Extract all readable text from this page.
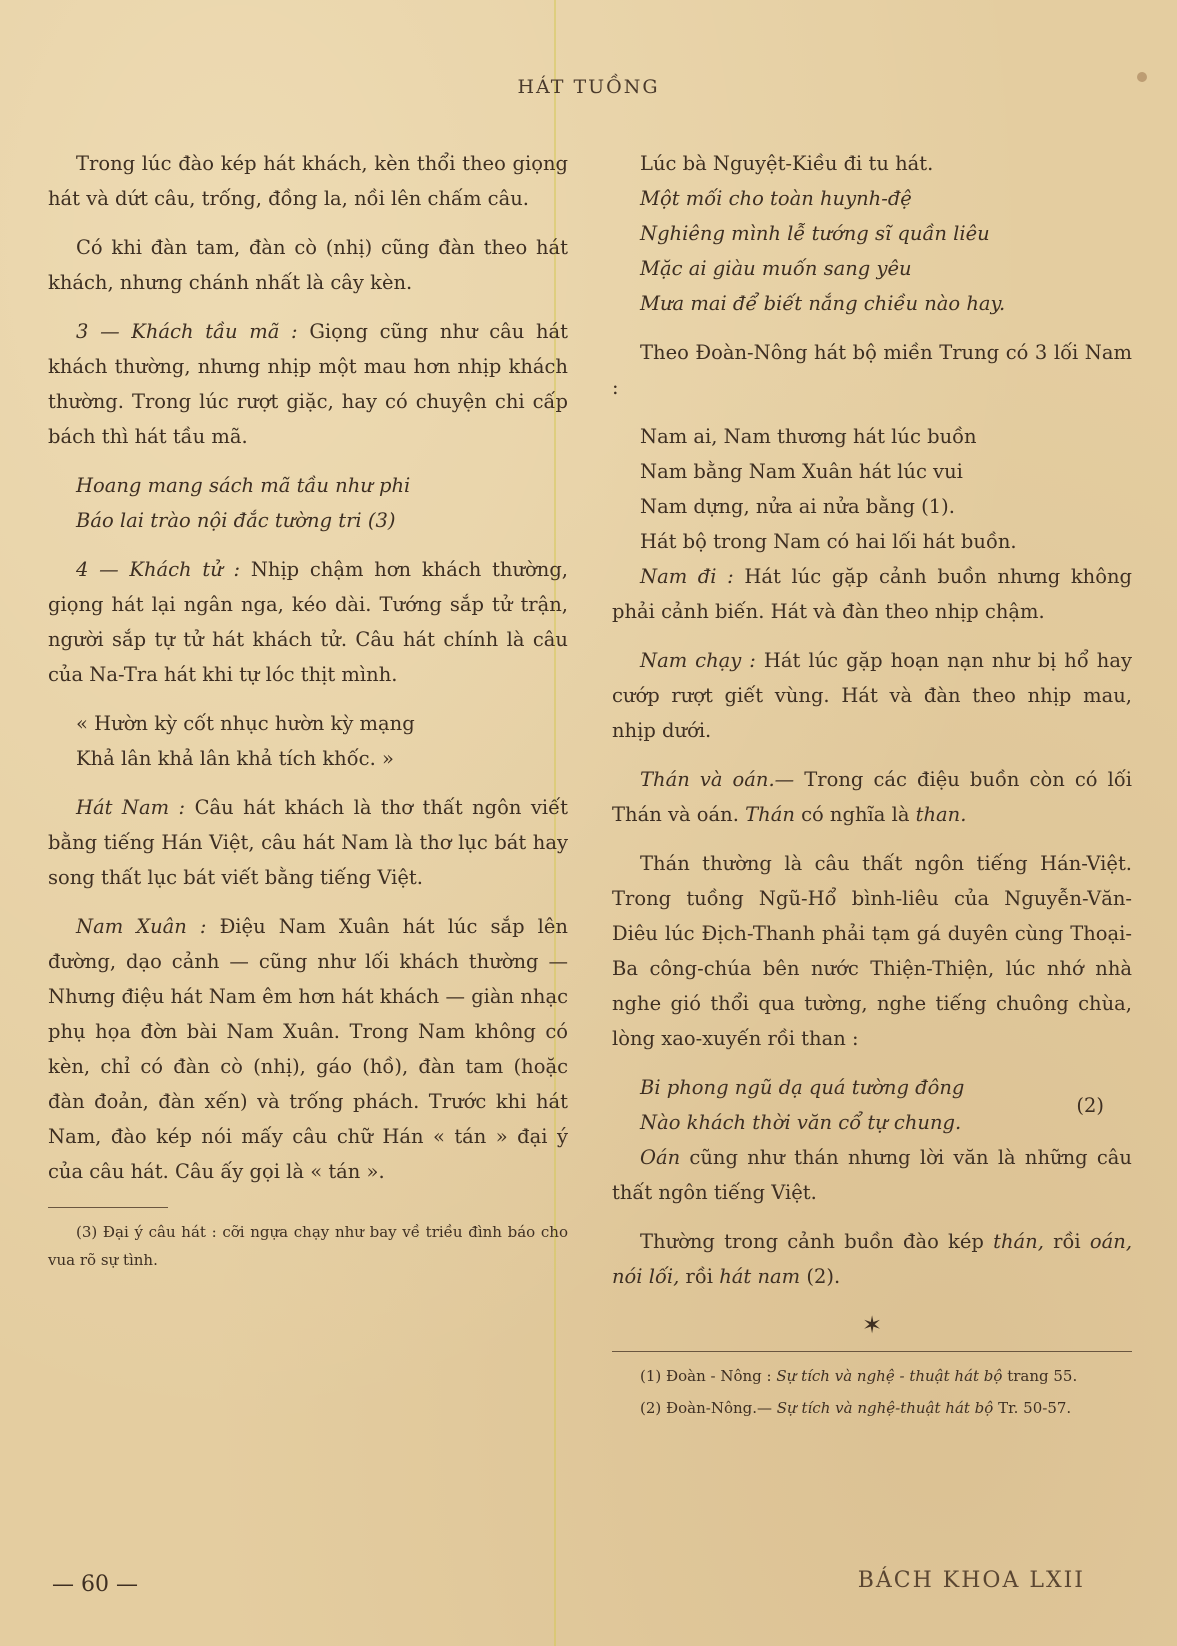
HÁT TUỒNG

Trong lúc đào kép hát khách, kèn thổi theo giọng hát và dứt câu, trống, đồng la, nồi lên chấm câu.

Có khi đàn tam, đàn cò (nhị) cũng đàn theo hát khách, nhưng chánh nhất là cây kèn.

3 — Khách tầu mã : Giọng cũng như câu hát khách thường, nhưng nhịp một mau hơn nhịp khách thường. Trong lúc rượt giặc, hay có chuyện chi cấp bách thì hát tầu mã.

Hoang mang sách mã tầu như phi
Báo lai trào nội đắc tường tri (3)

4 — Khách tử : Nhịp chậm hơn khách thường, giọng hát lại ngân nga, kéo dài. Tướng sắp tử trận, người sắp tự tử hát khách tử. Câu hát chính là câu của Na-Tra hát khi tự lóc thịt mình.

« Hườn kỳ cốt nhục hườn kỳ mạng
Khả lân khả lân khả tích khốc. »

Hát Nam : Câu hát khách là thơ thất ngôn viết bằng tiếng Hán Việt, câu hát Nam là thơ lục bát hay song thất lục bát viết bằng tiếng Việt.

Nam Xuân : Điệu Nam Xuân hát lúc sắp lên đường, dạo cảnh — cũng như lối khách thường — Nhưng điệu hát Nam êm hơn hát khách — giàn nhạc phụ họa đờn bài Nam Xuân. Trong Nam không có kèn, chỉ có đàn cò (nhị), gáo (hồ), đàn tam (hoặc đàn đoản, đàn xến) và trống phách. Trước khi hát Nam, đào kép nói mấy câu chữ Hán « tán » đại ý của câu hát. Câu ấy gọi là « tán ».

(3) Đại ý câu hát : cỡi ngựa chạy như bay về triều đình báo cho vua rõ sự tình.

Lúc bà Nguyệt-Kiều đi tu hát.

Một mối cho toàn huynh-đệ
Nghiêng mình lễ tướng sĩ quần liêu
Mặc ai giàu muốn sang yêu
Mưa mai để biết nắng chiều nào hay.

Theo Đoàn-Nông hát bộ miền Trung có 3 lối Nam :

Nam ai, Nam thương hát lúc buồn
Nam bằng Nam Xuân hát lúc vui
Nam dựng, nửa ai nửa bằng (1).

Hát bộ trong Nam có hai lối hát buồn.

Nam đi : Hát lúc gặp cảnh buồn nhưng không phải cảnh biến. Hát và đàn theo nhịp chậm.

Nam chạy : Hát lúc gặp hoạn nạn như bị hổ hay cướp rượt giết vùng. Hát và đàn theo nhịp mau, nhịp dưới.

Thán và oán.— Trong các điệu buồn còn có lối Thán và oán. Thán có nghĩa là than.

Thán thường là câu thất ngôn tiếng Hán-Việt. Trong tuồng Ngũ-Hổ bình-liêu của Nguyễn-Văn-Diêu lúc Địch-Thanh phải tạm gá duyên cùng Thoại-Ba công-chúa bên nước Thiện-Thiện, lúc nhớ nhà nghe gió thổi qua tường, nghe tiếng chuông chùa, lòng xao-xuyến rồi than :

Bi phong ngũ dạ quá tường đông
Nào khách thời văn cổ tự chung.
(2)

Oán cũng như thán nhưng lời văn là những câu thất ngôn tiếng Việt.

Thường trong cảnh buồn đào kép thán, rồi oán, nói lối, rồi hát nam (2).

✶

(1) Đoàn - Nông : Sự tích và nghệ - thuật hát bộ trang 55.

(2) Đoàn-Nông.— Sự tích và nghệ-thuật hát bộ Tr. 50-57.

— 60 —	BÁCH KHOA LXII
